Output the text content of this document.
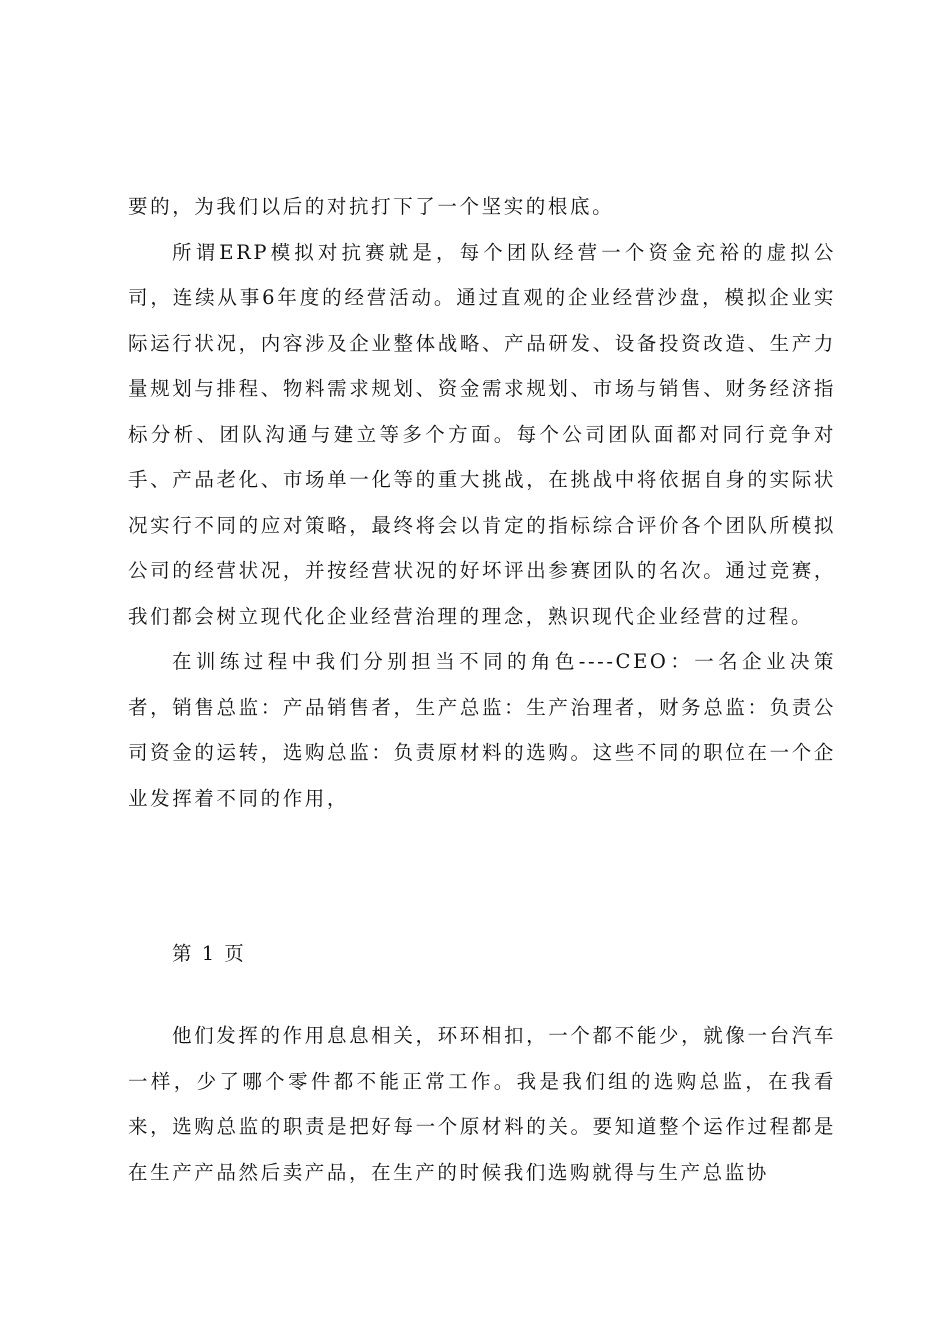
要的，为我们以后的对抗打下了一个坚实的根底。

所谓ERP模拟对抗赛就是，每个团队经营一个资金充裕的虚拟公司，连续从事6年度的经营活动。通过直观的企业经营沙盘，模拟企业实际运行状况，内容涉及企业整体战略、产品研发、设备投资改造、生产力量规划与排程、物料需求规划、资金需求规划、市场与销售、财务经济指标分析、团队沟通与建立等多个方面。每个公司团队面都对同行竞争对手、产品老化、市场单一化等的重大挑战，在挑战中将依据自身的实际状况实行不同的应对策略，最终将会以肯定的指标综合评价各个团队所模拟公司的经营状况，并按经营状况的好坏评出参赛团队的名次。通过竞赛，我们都会树立现代化企业经营治理的理念，熟识现代企业经营的过程。

在训练过程中我们分别担当不同的角色----CEO：一名企业决策者，销售总监：产品销售者，生产总监：生产治理者，财务总监：负责公司资金的运转，选购总监：负责原材料的选购。这些不同的职位在一个企业发挥着不同的作用，

第 1 页

他们发挥的作用息息相关，环环相扣，一个都不能少，就像一台汽车一样，少了哪个零件都不能正常工作。我是我们组的选购总监，在我看来，选购总监的职责是把好每一个原材料的关。要知道整个运作过程都是在生产产品然后卖产品，在生产的时候我们选购就得与生产总监协
